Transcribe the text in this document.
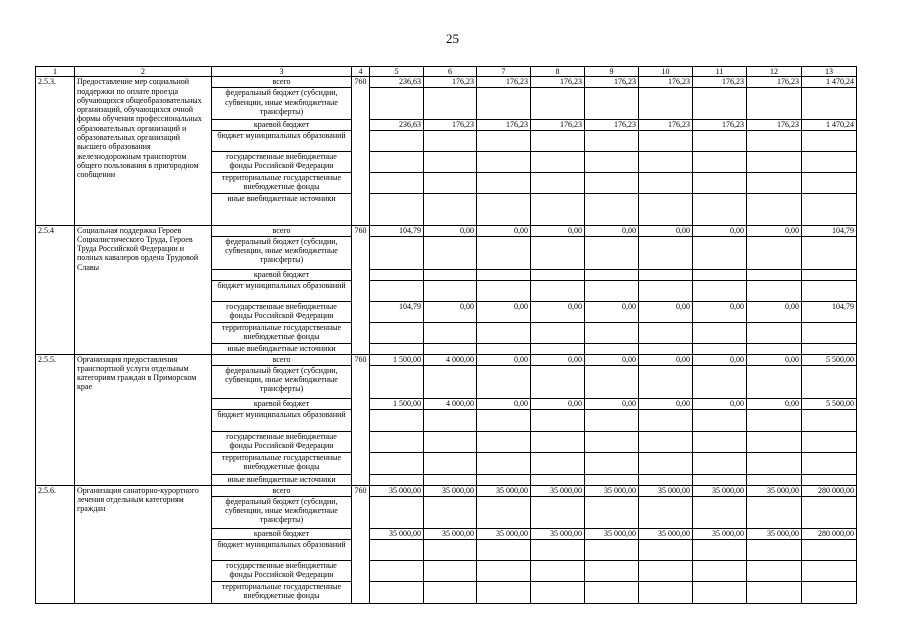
25
1	2	3	4	5	6	7	8	9	10	11	12	13
2.5.3.	Предоставление мер социальной поддержки по оплате проезда обучающихся общеобразовательных организаций, обучающихся очной формы обучения профессиональных образовательных организаций и образовательных организаций высшего образования железнодорожным транспортом общего пользования в пригородном сообщении	всего	760	236,63	176,23	176,23	176,23	176,23	176,23	176,23	176,23	1 470,24
		федеральный бюджет (субсидии, субвенции, иные межбюджетные трансферты)										
		краевой бюджет		236,63	176,23	176,23	176,23	176,23	176,23	176,23	176,23	1 470,24
		бюджет муниципальных образований										
		государственные внебюджетные фонды Российской Федерации										
		территориальные государственные внебюджетные фонды										
		иные внебюджетные источники										
2.5.4	Социальная поддержка Героев Социалистического Труда, Героев Труда Российской Федерации и полных кавалеров ордена Трудовой Славы	всего	760	104,79	0,00	0,00	0,00	0,00	0,00	0,00	0,00	104,79
		федеральный бюджет (субсидии, субвенции, иные межбюджетные трансферты)										
		краевой бюджет										
		бюджет муниципальных образований										
		государственные внебюджетные фонды Российской Федерации		104,79	0,00	0,00	0,00	0,00	0,00	0,00	0,00	104,79
		территориальные государственные внебюджетные фонды										
		иные внебюджетные источники										
2.5.5.	Организация предоставления транспортной услуги отдельным категориям граждан в Приморском крае	всего	760	1 500,00	4 000,00	0,00	0,00	0,00	0,00	0,00	0,00	5 500,00
		федеральный бюджет (субсидии, субвенции, иные межбюджетные трансферты)										
		краевой бюджет		1 500,00	4 000,00	0,00	0,00	0,00	0,00	0,00	0,00	5 500,00
		бюджет муниципальных образований										
		государственные внебюджетные фонды Российской Федерации										
		территориальные государственные внебюджетные фонды										
		иные внебюджетные источники										
2.5.6.	Организация санаторно-курортного лечения отдельным категориям граждан	всего	760	35 000,00	35 000,00	35 000,00	35 000,00	35 000,00	35 000,00	35 000,00	35 000,00	280 000,00
		федеральный бюджет (субсидии, субвенции, иные межбюджетные трансферты)										
		краевой бюджет		35 000,00	35 000,00	35 000,00	35 000,00	35 000,00	35 000,00	35 000,00	35 000,00	280 000,00
		бюджет муниципальных образований										
		государственные внебюджетные фонды Российской Федерации										
		территориальные государственные внебюджетные фонды										
